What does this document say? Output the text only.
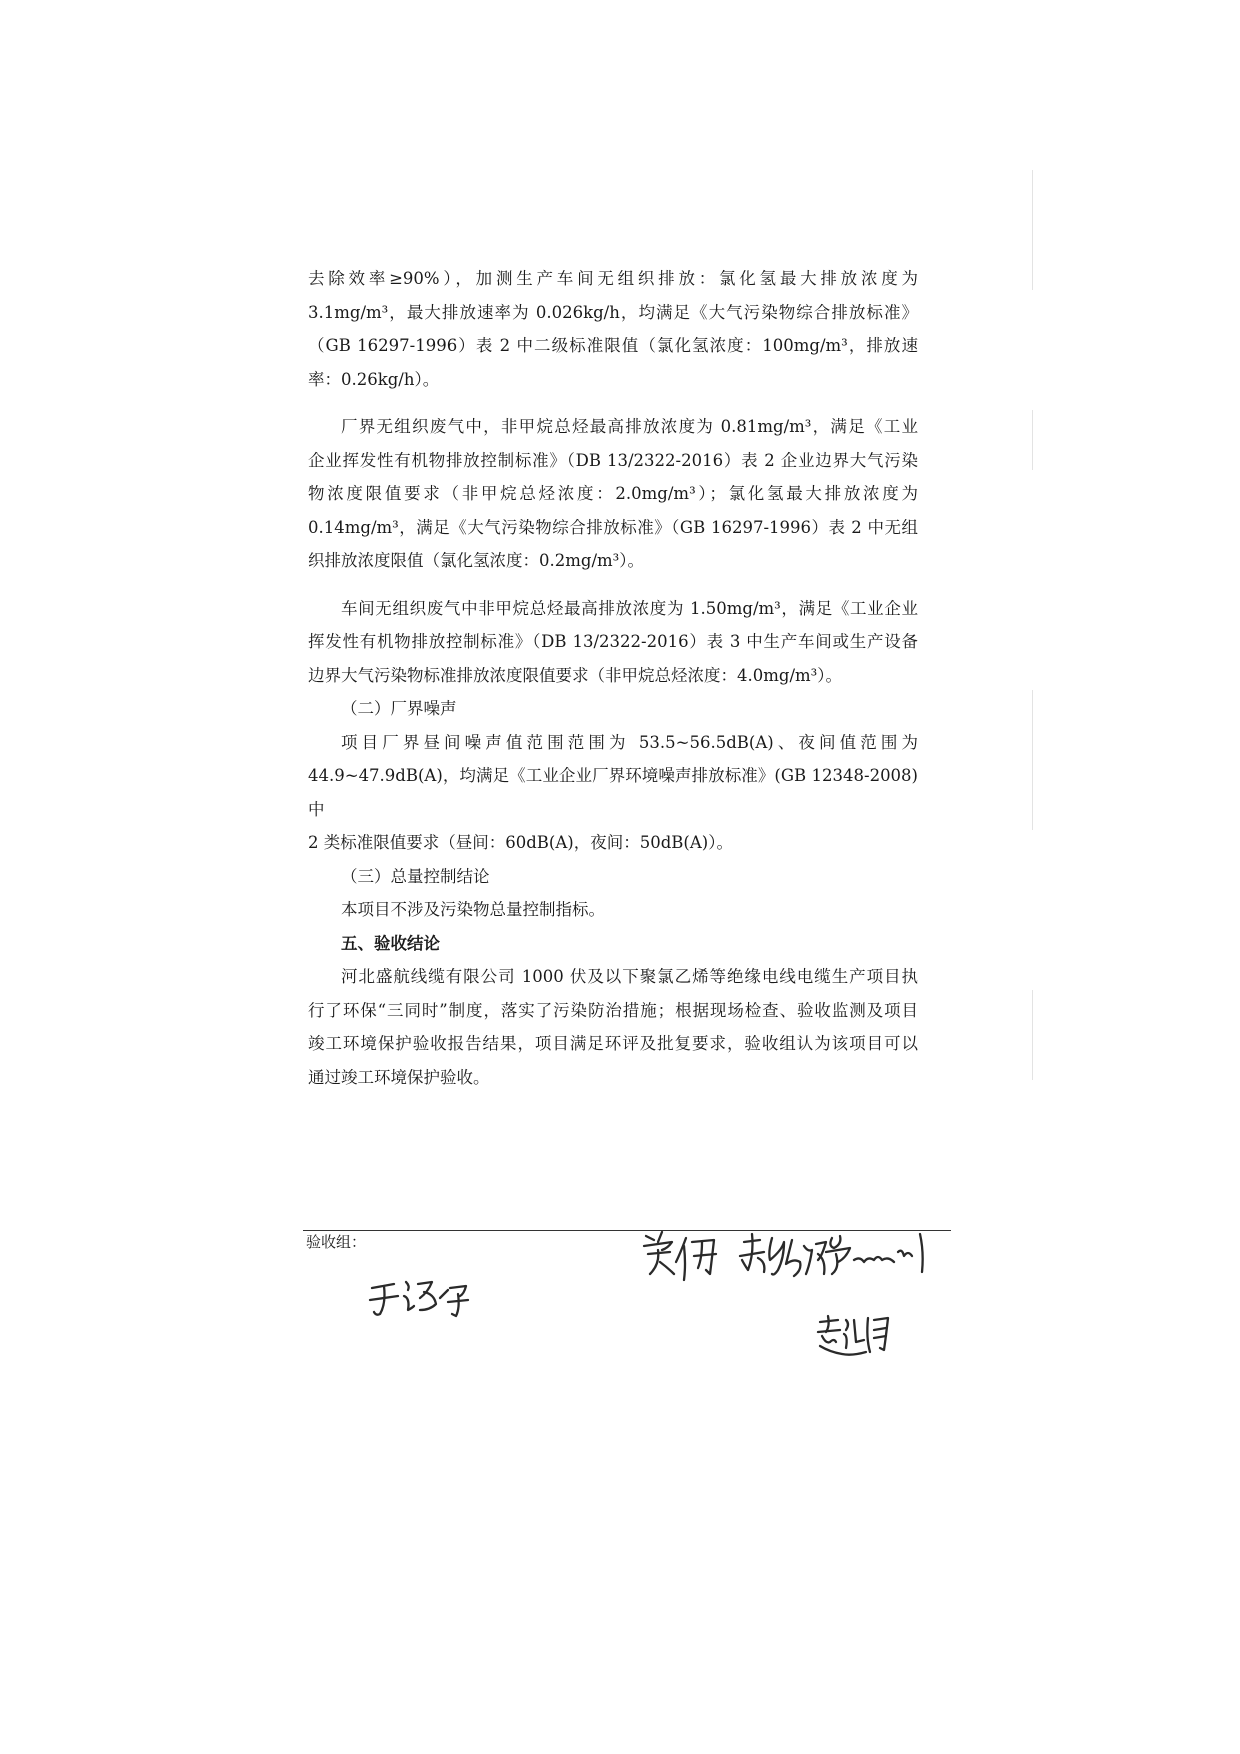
去除效率≥90%），加测生产车间无组织排放：氯化氢最大排放浓度为
3.1mg/m³，最大排放速率为 0.026kg/h，均满足《大气污染物综合排放标准》
（GB 16297-1996）表 2 中二级标准限值（氯化氢浓度：100mg/m³，排放速
率：0.26kg/h）。
厂界无组织废气中，非甲烷总烃最高排放浓度为 0.81mg/m³，满足《工业
企业挥发性有机物排放控制标准》（DB 13/2322-2016）表 2 企业边界大气污染
物浓度限值要求（非甲烷总烃浓度：2.0mg/m³）；氯化氢最大排放浓度为
0.14mg/m³，满足《大气污染物综合排放标准》（GB 16297-1996）表 2 中无组
织排放浓度限值（氯化氢浓度：0.2mg/m³）。
车间无组织废气中非甲烷总烃最高排放浓度为 1.50mg/m³，满足《工业企业
挥发性有机物排放控制标准》（DB 13/2322-2016）表 3 中生产车间或生产设备
边界大气污染物标准排放浓度限值要求（非甲烷总烃浓度：4.0mg/m³）。
（二）厂界噪声
项目厂界昼间噪声值范围范围为 53.5~56.5dB(A)、夜间值范围为
44.9~47.9dB(A)，均满足《工业企业厂界环境噪声排放标准》(GB 12348-2008) 中
2 类标准限值要求（昼间：60dB(A)，夜间：50dB(A)）。
（三）总量控制结论
本项目不涉及污染物总量控制指标。
五、验收结论
河北盛航线缆有限公司 1000 伏及以下聚氯乙烯等绝缘电线电缆生产项目执
行了环保“三同时”制度，落实了污染防治措施；根据现场检查、验收监测及项目
竣工环境保护验收报告结果，项目满足环评及批复要求，验收组认为该项目可以
通过竣工环境保护验收。
验收组：
